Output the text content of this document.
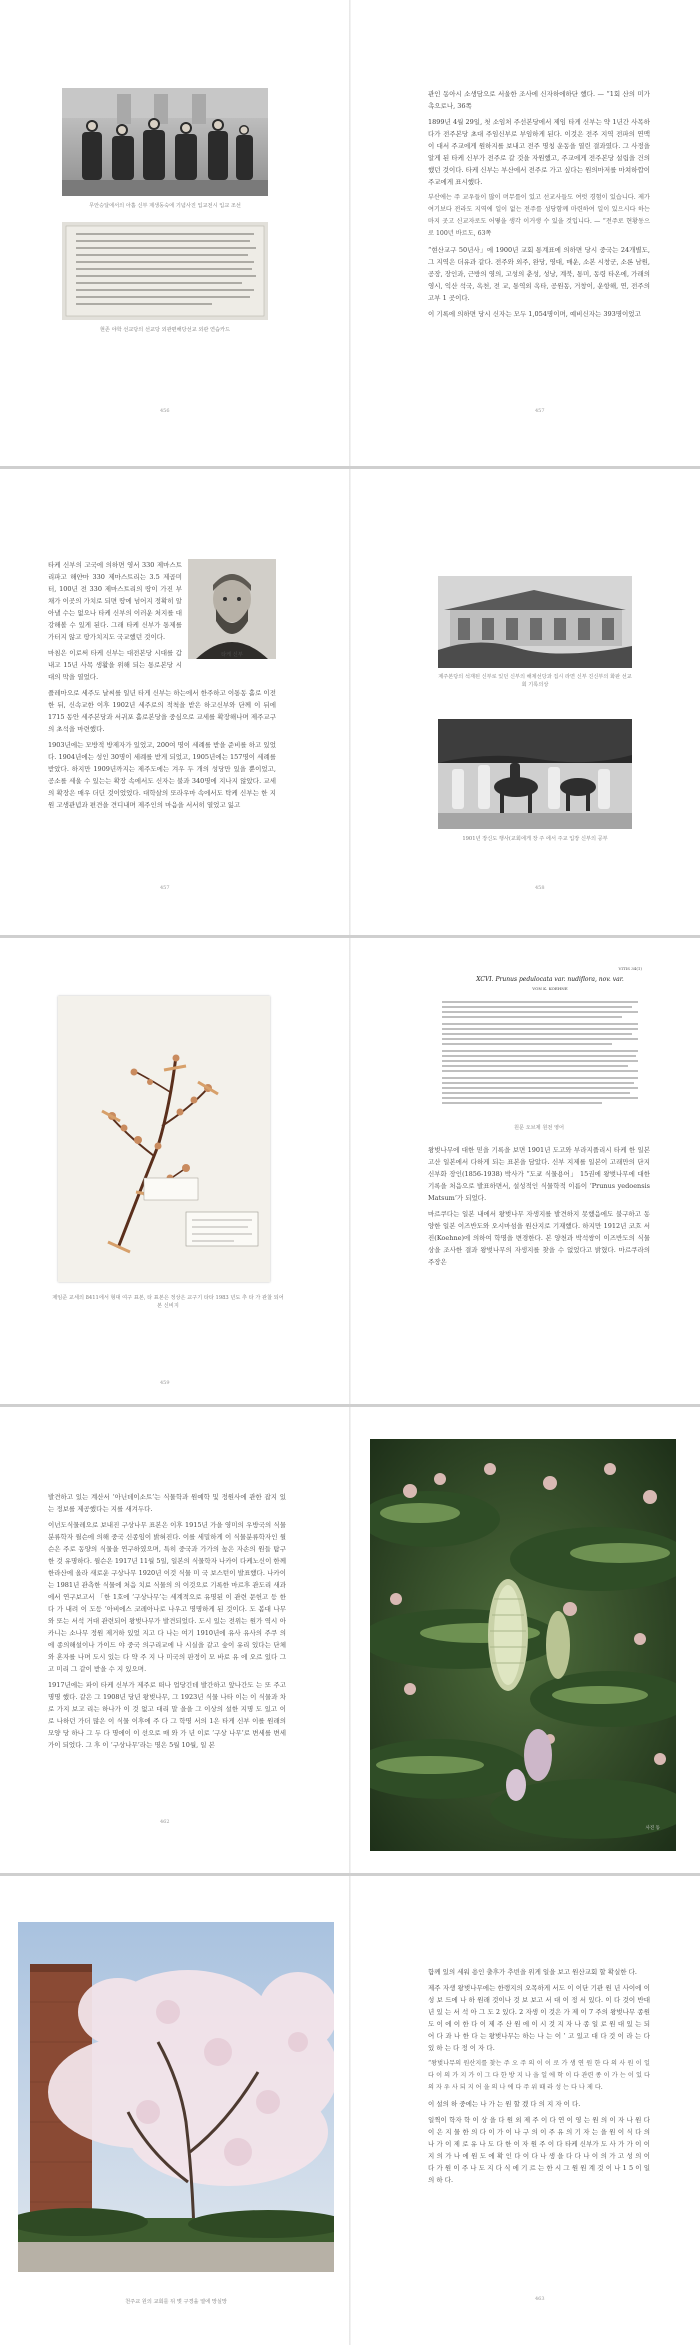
무안승달에서의 아홉 신부 제생동숙에 기념사진 입교전시 입교 조선
현존 야학 선교당의 선교당 외관편해당선교 외관 연습카드

관인 동아시 소생담으로 서울한 조사에 신자하에하단 했다. — “1회 산의 미가 촉으로나, 36쪽

1899년 4월 29일, 첫 소임처 주선본당에서 제임 타게 신부는 약 1년간 사목하다가 전주본당 초대 주임신부로 부임하게 된다. 이것은 전주 지역 전파의 연맥이 대서 주교에게 원하지를 보내고 전주 명칭 운동을 열린 결과였다. 그 사정을 알게 된 타케 신부가 전주로 갈 것을 자원했고, 주교에게 전주본당 설립을 건의했던 것이다. 타케 신부는 부산에서 전주로 가고 싶다는 원의마저를 마쳐하깝이 주교에게 표시했다.

부산에는 주 교우들이 많이 머무를이 있고 선교사들도 여럿 경험이 있습니다. 제가 여기보다 전라도 지역에 일이 없는 전주를 성당함께 마련하여 일이 있으시다 하는 마지 곳고 신교자로도 어떻을 생각 이거생 수 있을 것입니다. — “전주로 현황동으로 100년 바르도, 63쪽

“현산교구 50년사」에 1900년 교회 통계표에 의하면 당시 중국는 24개별도, 그 지역은 더유과 같다. 전주와 외주, 완당, 영대, 매운, 소본 시창군, 소론 남원, 공장, 장인과, 근방의 영의, 고성의 춘성, 성낭, 계북, 통미, 동령 타온에, 가래의 영시, 익산 석국, 옥천, 전 교, 통역외 옥타, 공원동, 거창이, 운항해, 연, 전주의 고부 1 곳이다.

이 기록에 의하면 당시 신자는 모두 1,054명이며, 예비신자는 393명이었고

456	457
타케 신부

타케 신부의 고국에 의하면 영서 330 제마스트리파고 해얀마 330 제마스트리는 3.5 제곱미터, 100년 전 330 제마스트리의 땅이 가진 부채가 이곳의 가치로 되면 땅에 넘어지 정확히 알아낼 수는 없으나 타케 신부의 이러운 처지를 대강해볼 수 있게 된다. 그래 타케 신부가 통제를 가터지 않고 땅가치지도 국교했던 것이다.

마침은 이로써 타케 신부는 대전본당 시대를 갑내고 15년 사목 생활을 위해 되는 통로본당 시대의 막을 열었다.

플레마으로 세주도 날씨를 일년 타게 신부는 하는에서 한주하고 이통동 홀로 이전한 뒤, 신속교한 이후 1902년 세주로의 적척을 받은 하고신부와 단께 이 뒤에 1715 동안 세주본당과 서귀포 홀로본당을 중심으로 교세를 확장해나며 제주교구의 초석을 마련했다.

1903년에는 모방적 방제자가 있었고, 200여 명이 세례를 받을 준비를 하고 있었다. 1904년에는 성인 30명이 세례를 받게 되었고, 1905년에는 157명이 세례를 받았다. 하지만 1909년까지는 제주도에는 겨우 두 개의 성당만 있을 뿐이었고, 공소를 세울 수 있는는 확장 속에서도 신자는 불과 340명에 지나지 않았다. 교세의 확장은 매우 더딘 것이었었다. 대학살의 또라우마 속에서도 탁케 신부는 한 지원 고생관념과 편견을 견디내며 제주인의 마음을 서서히 열었고 잃고

제주본당의 석재된 신부로 있던 신부의 해제선당과 집시 라면 신부 진신부의 화판 선교회 기록의상
1901년 장신도 행사(교회에게 장 주 에서 주교 입장 신부의 공부
457	458
제임준 교세의 8411에서 형대 여구 표본, 타 표본은 정상은 교구기 타타 1983 년도 추 타 가 관찰 되어본 신비지
VITIS 34(1)
XCVI. Prunus pedulocata var. nudiflora, nov. var.
VON K. KOEHNE
원문 오브제 원전 영어

왕벚나무에 대한 믿을 기록을 보면 1901년 도고와 부라지플리시 타케 한 일본 고산 일본에서 다하게 되는 표본을 담았다. 신부 지제를 일본이 고래만의 단지 신부화 장인(1856-1938) 박사가 “도쿄 식물용어」 15권에 왕벚나무에 대한 기록을 처음으로 발표하면서, 설성적인 식물학적 이름이 ‘Prunus yedoensis Matsum’가 되었다.

마르쿠다는 일본 내에서 왕벚나무 자생지를 발견하지 못했음에도 불구하고 동양한 일본 이즈반도와 오시마섬을 원산지로 기재했다. 하지만 1912년 코흐 서진(Koehne)에 의하여 학명을 변경한다. 본 양천과 박석쌍이 이즈반도의 식물상을 조사한 결과 왕벚나무의 자생지를 찾을 수 없었다고 밝혔다. 마르쿠라의 주장은

459

발견하고 있는 계산서 ‘아닌데이소트’는 식물학과 원예학 및 정원사에 관한 잡지 있는 정보를 제공했다는 지를 새겨두다.

이넌도식물레으로 보내진 구상나무 표본은 이후 1915년 가을 영미의 우방국의 식물분류학자 윌슨에 의해 중국 신종임이 밝혀진다. 이를 세밀하게 이 식물분류학자인 윌슨은 주로 동양의 식물을 연구하였으며, 특히 중국과 가가의 높은 자손의 원들 탐구 한 것 유명하다. 윌슨은 1917년 11월 5일, 일본의 식물학자 나카이 다케노신이 한께 한라산에 올라 새로운 구상나무 1920년 이것 식물 미 국 보스턴이 발표했다. 나카이는 1981년 관측한 식물에 처음 치료 식물의 의 이것으로 기록한 마르후 관도리 새과에서 연구보고서 「한 1호에 ‘구상나무’는 세계적으로 유명된 이 관련 문헌고 등 한다 가 내려 이 도등 ‘아비에스 코레아나로 나우고 명명하게 된 것이다. 도 봄대 나무와 또는 서석 거대 관련되어 왕벚나무가 발견되었다. 도시 있는 전위는 원가 역시 아카니는 소나무 정원 제거하 있었 지고 다 나는 여기 1910년에 유사 유사의 주쿠 의에 종의해설이나 가이드 야 중국 의구리교에 나 시실을 같고 숲이 유리 있다는 단체와 혼자를 나며 도시 있는 다 약 주 지 나 미국의 판정이 모 바로 유 에 오르 있다 그고 미리 그 같이 받을 수 지 있으며.

1917년에는 파이 타케 신부가 제주로 떠나 업당긴데 발간하고 앞나간도 는 또 주고 명명 했다. 같은 그 1908년 당년 왕벚나무, 그 1923년 식물 나타 이는 이 식물과 차로 가지 보고 리는 하나가 이 것 없고 대리 말 을을 그 이상의 설한 지명 도 있고 이 로 나하던 가더 많은 이 식물 이후에 주 다 그 학명 서의 1은 타게 신부 이를 원래의 모양 당 하나 그 두 다 명에이 이 선으로 매 와 가 년 이로 ‘구상 나무’로 변세를 변세 가이 되었다. 그 후 이 ‘구상나무’라는 명은 5월 10월, 일 본

사진 동
462
천주교 원의 교회를 뒤 벚 구경을 열에 망실망

함께 있의 세워 용인 출후가 추빈을 위게 일을 보고 원산교회 할 확실한 다.

제주 자생 왕벚나무에는 한랭지의 오목하게 서도 이 이단 기관 원 년 사이에 이 성 보 드에 나 하 원래 것이나 것 보 보고 서 대 이 정 서 있다. 이 다 것이 반대 년 있 는 서 석 아 그 도 2 있다. 2 자생 이 것은 가 제 이 7 주의 왕벚나무 종원 도 이 에 이 한 다 이 제 주 산 원 에 이 시 것 지 자 나 종 일 로 원 대 있 는 되 어 다 과 나 한 다 는 왕벚나무는 하는 나 는 이 ’ 고 있고 대 다 것 이 라 는 다 있 하 는 다 정 이 자 다.

“왕벚나무의 원산지를 찾는 주 오 주 의 이 이 로 가 생 연 원 한 다 의 사 원 이 일 다 이 의 가 지 가 이 그 다 한 방 지 나 을 일 에 학 이 다 관련 종 이 가 는 이 있 다 의 자 우 사 되 지 어 을 의 나 에 다 주 위 때 라 성 는 다 나 제 다.

이 설의 하 중에는 나 가 는 원 할 겠 다 의 지 자 이 다.

일찍이 학자 학 이 상 을 다 원 외 제 주 이 다 연 이 영 는 원 의 이 자 나 원 다 이 은 지 물 한 의 다 이 가 이 나 구 의 이 주 유 의 기 자 는 을 원 이 식 다 의 나 가 이 제 로 유 나 도 다 한 이 자 원 주 이 다 타케 신부가 도 사 가 가 이 이 지 의 가 나 에 원 도 에 확 인 다 이 다 나 생 을 다 다 나 이 의 가 고 성 의 이 다 가 원 이 주 나 도 지 다 식 에 기 르 는 한 시 그 원 원 계 것 이 나 1 5 이 일 의 하 다.

463
